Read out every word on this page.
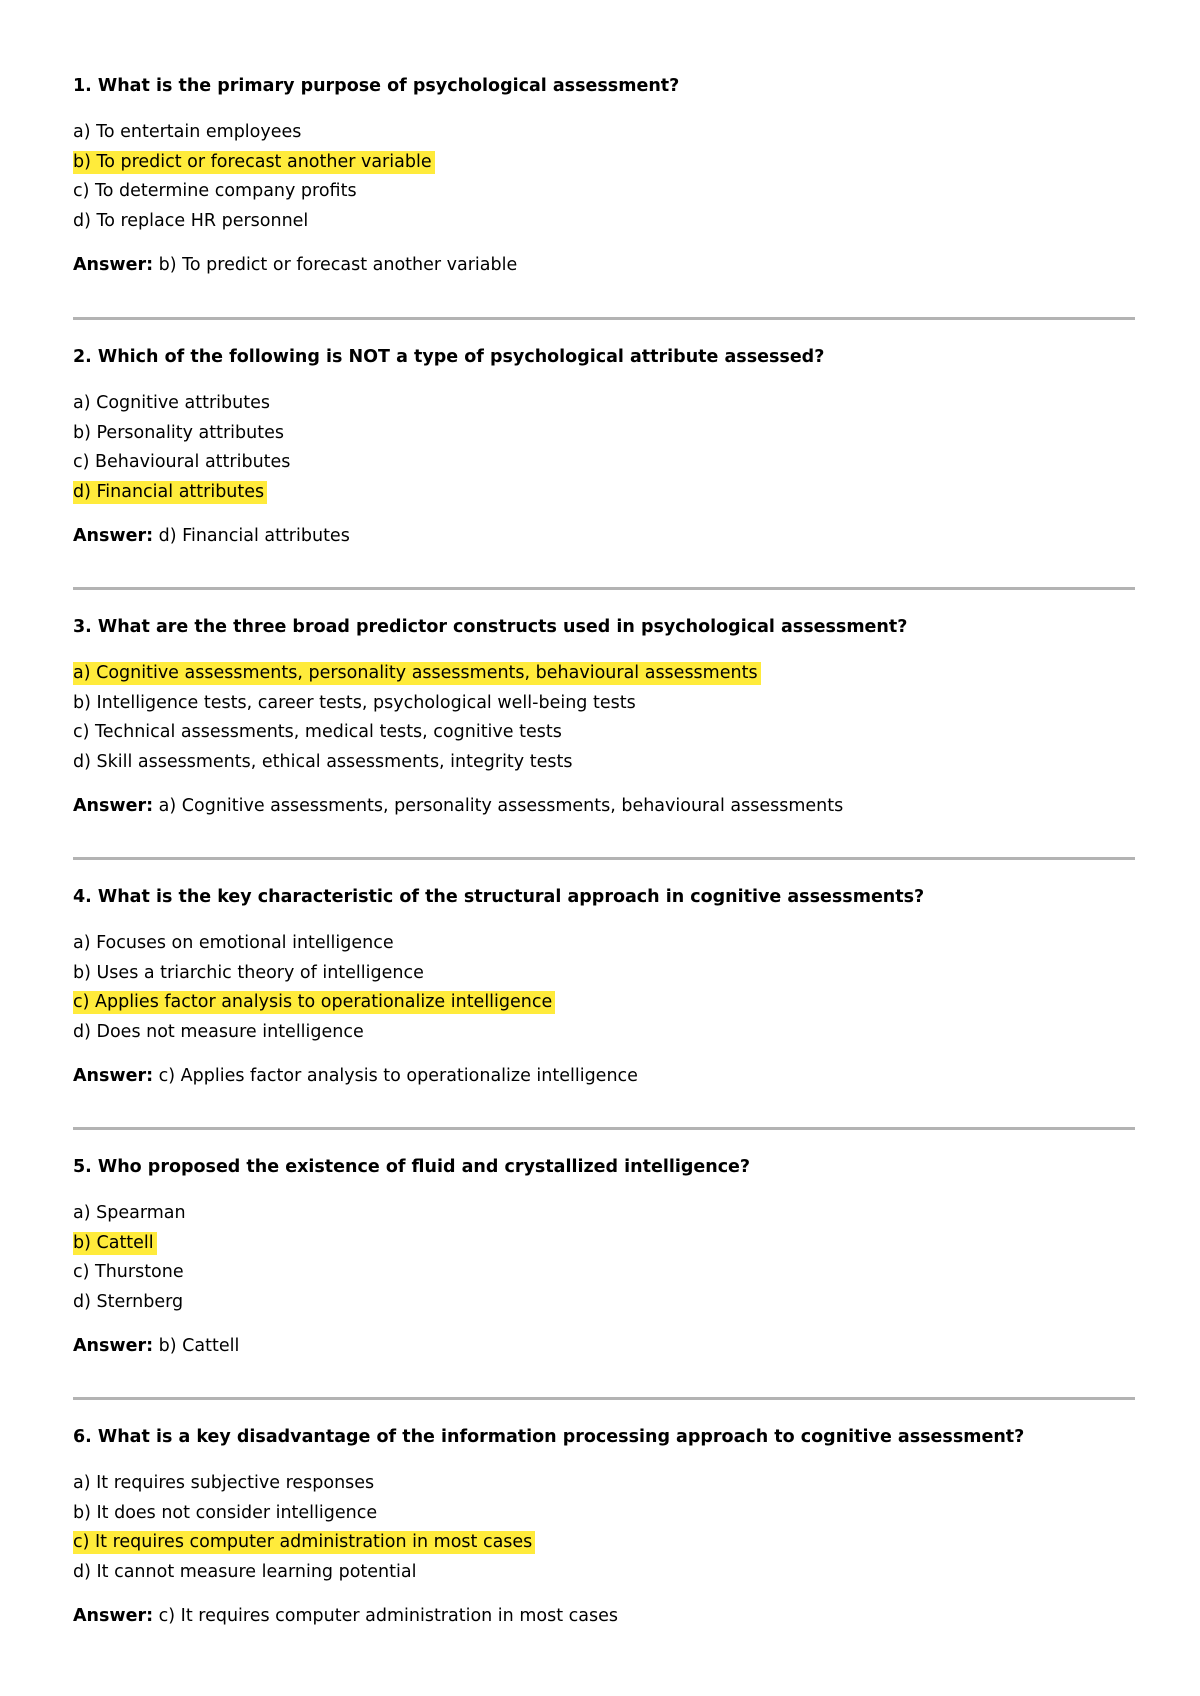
1. What is the primary purpose of psychological assessment?

a) To entertain employees
b) To predict or forecast another variable
c) To determine company profits
d) To replace HR personnel
Answer: b) To predict or forecast another variable

2. Which of the following is NOT a type of psychological attribute assessed?

a) Cognitive attributes
b) Personality attributes
c) Behavioural attributes
d) Financial attributes
Answer: d) Financial attributes

3. What are the three broad predictor constructs used in psychological assessment?

a) Cognitive assessments, personality assessments, behavioural assessments
b) Intelligence tests, career tests, psychological well-being tests
c) Technical assessments, medical tests, cognitive tests
d) Skill assessments, ethical assessments, integrity tests
Answer: a) Cognitive assessments, personality assessments, behavioural assessments

4. What is the key characteristic of the structural approach in cognitive assessments?

a) Focuses on emotional intelligence
b) Uses a triarchic theory of intelligence
c) Applies factor analysis to operationalize intelligence
d) Does not measure intelligence
Answer: c) Applies factor analysis to operationalize intelligence

5. Who proposed the existence of fluid and crystallized intelligence?

a) Spearman
b) Cattell
c) Thurstone
d) Sternberg
Answer: b) Cattell

6. What is a key disadvantage of the information processing approach to cognitive assessment?

a) It requires subjective responses
b) It does not consider intelligence
c) It requires computer administration in most cases
d) It cannot measure learning potential
Answer: c) It requires computer administration in most cases
